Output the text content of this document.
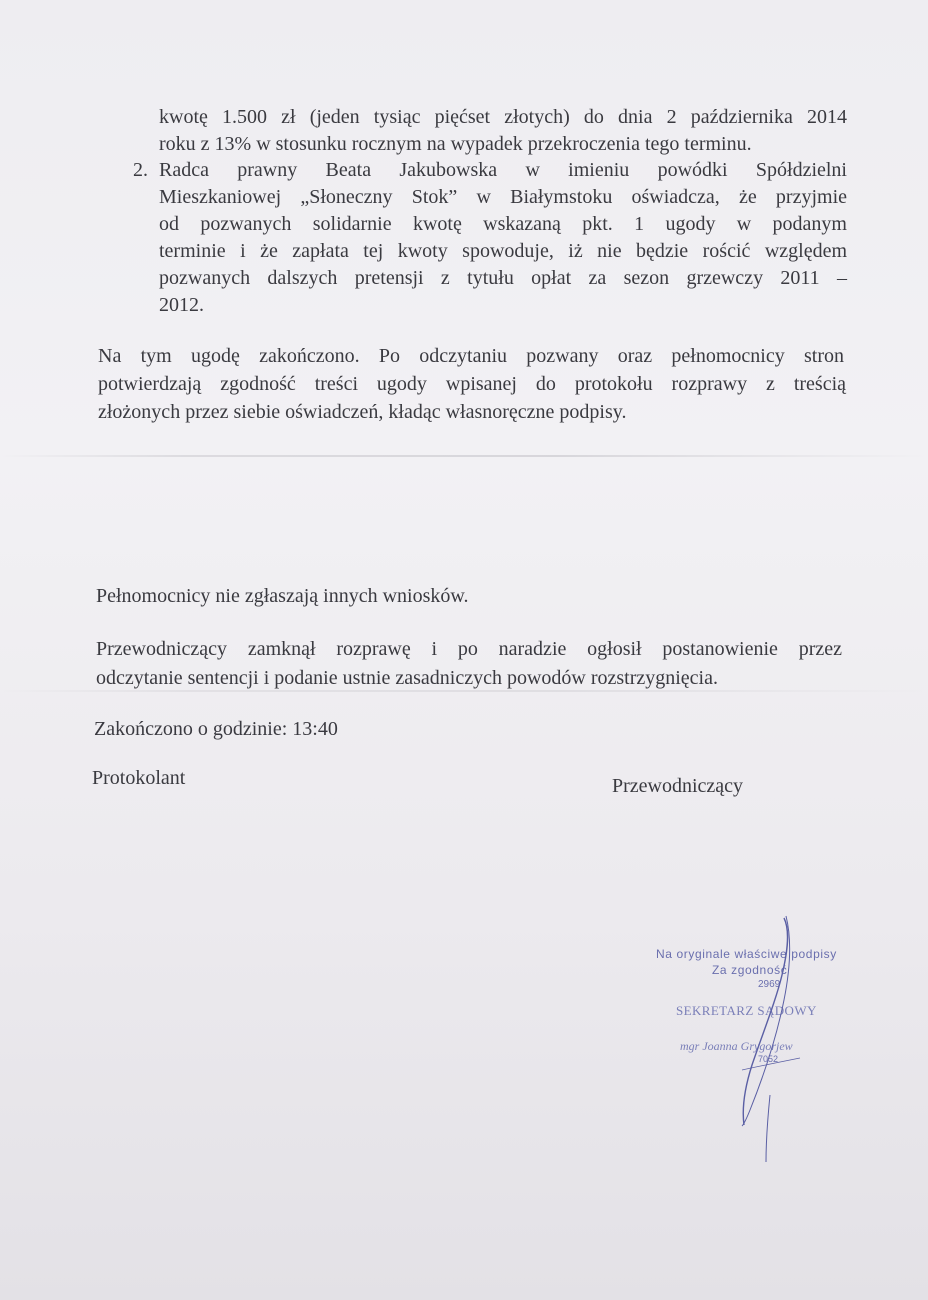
kwotę 1.500 zł (jeden tysiąc pięćset złotych) do dnia 2 października 2014
roku z 13% w stosunku rocznym na wypadek przekroczenia tego terminu.
2. Radca prawny Beata Jakubowska w imieniu powódki Spółdzielni
Mieszkaniowej „Słoneczny Stok” w Białymstoku oświadcza, że przyjmie
od pozwanych solidarnie kwotę wskazaną pkt. 1 ugody w podanym
terminie i że zapłata tej kwoty spowoduje, iż nie będzie rościć względem
pozwanych dalszych pretensji z tytułu opłat za sezon grzewczy 2011 –
2012.
Na tym ugodę zakończono. Po odczytaniu pozwany oraz pełnomocnicy stron
potwierdzają zgodność treści ugody wpisanej do protokołu rozprawy z treścią
złożonych przez siebie oświadczeń, kładąc własnoręczne podpisy.
Pełnomocnicy nie zgłaszają innych wniosków.
Przewodniczący zamknął rozprawę i po naradzie ogłosił postanowienie przez
odczytanie sentencji i podanie ustnie zasadniczych powodów rozstrzygnięcia.
Zakończono o godzinie: 13:40
Protokolant	Przewodniczący
Na oryginale właściwe podpisy
Za zgodność
2969
SEKRETARZ SĄDOWY
mgr Joanna Grygorjew
7052
